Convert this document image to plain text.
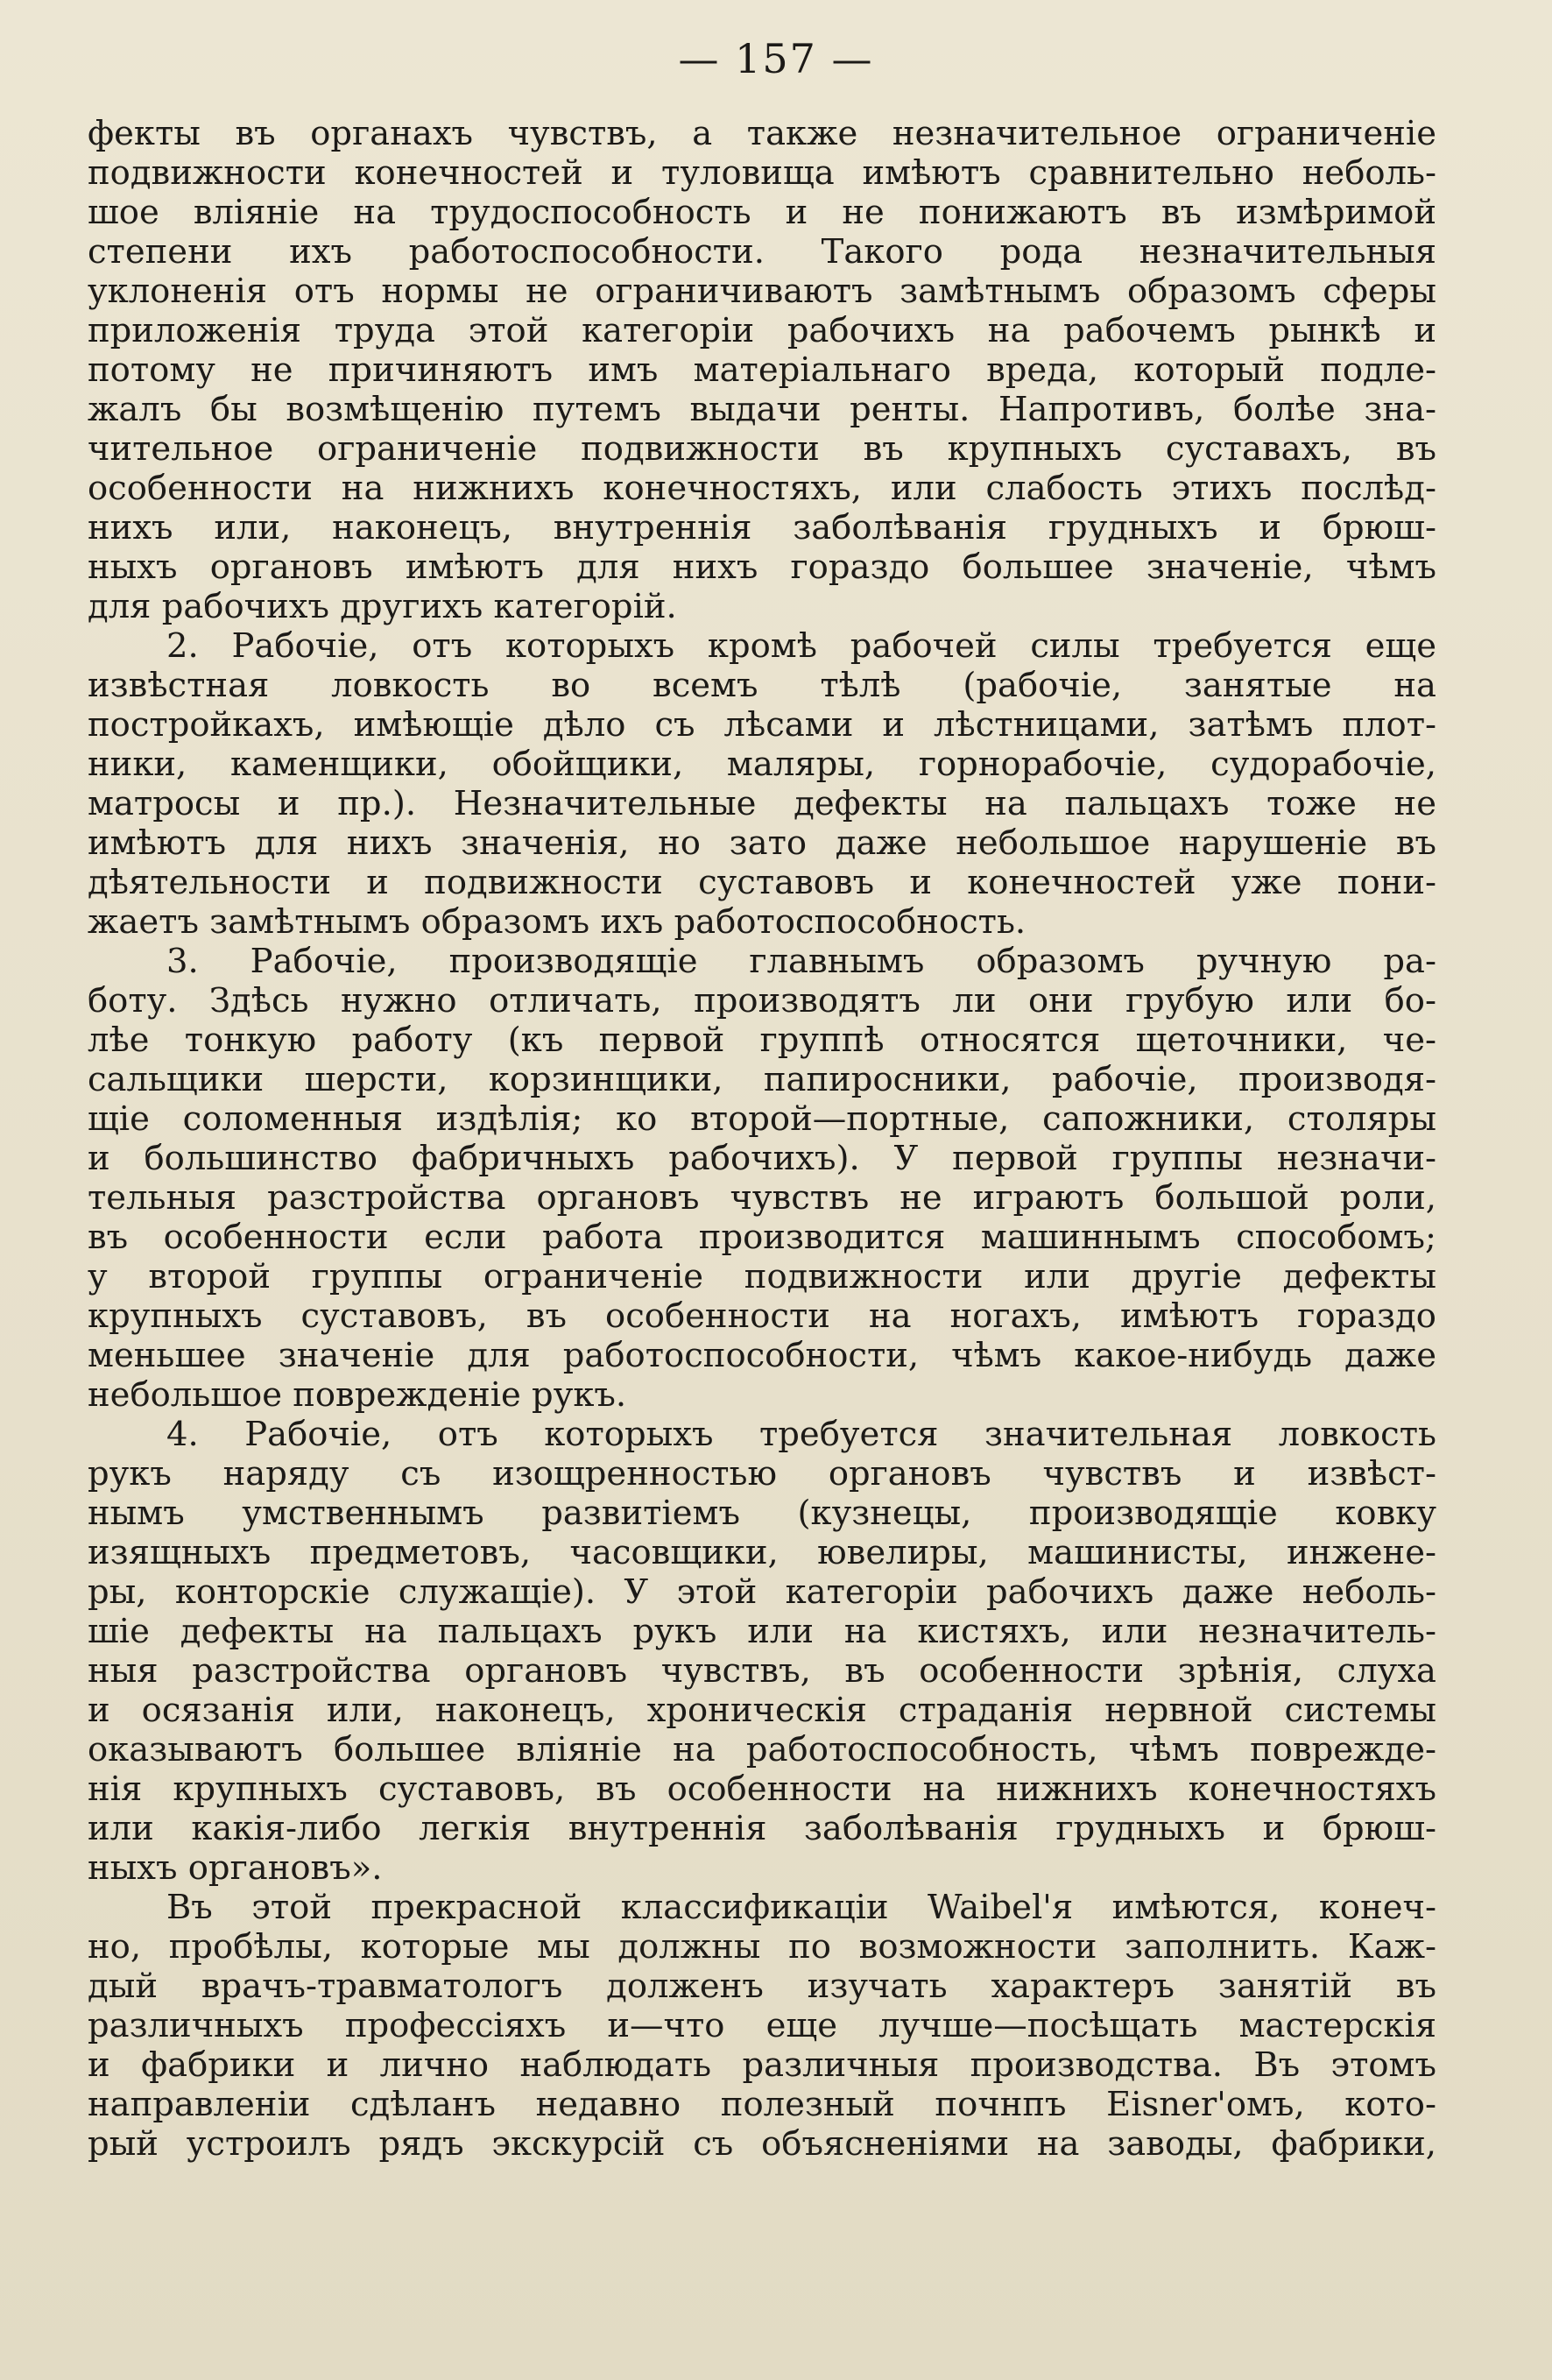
— 157 —
фекты въ органахъ чувствъ, а также незначительное ограниченіе
подвижности конечностей и туловища имѣютъ сравнительно неболь-
шое вліяніе на трудоспособность и не понижаютъ въ измѣримой
степени ихъ работоспособности. Такого рода незначительныя
уклоненія отъ нормы не ограничиваютъ замѣтнымъ образомъ сферы
приложенія труда этой категоріи рабочихъ на рабочемъ рынкѣ и
потому не причиняютъ имъ матеріальнаго вреда, который подле-
жалъ бы возмѣщенію путемъ выдачи ренты. Напротивъ, болѣе зна-
чительное ограниченіе подвижности въ крупныхъ суставахъ, въ
особенности на нижнихъ конечностяхъ, или слабость этихъ послѣд-
нихъ или, наконецъ, внутреннія заболѣванія грудныхъ и брюш-
ныхъ органовъ имѣютъ для нихъ гораздо большее значеніе, чѣмъ
для рабочихъ другихъ категорій.
2. Рабочіе, отъ которыхъ кромѣ рабочей силы требуется еще
извѣстная ловкость во всемъ тѣлѣ (рабочіе, занятые на
постройкахъ, имѣющіе дѣло съ лѣсами и лѣстницами, затѣмъ плот-
ники, каменщики, обойщики, маляры, горнорабочіе, судорабочіе,
матросы и пр.). Незначительные дефекты на пальцахъ тоже не
имѣютъ для нихъ значенія, но зато даже небольшое нарушеніе въ
дѣятельности и подвижности суставовъ и конечностей уже пони-
жаетъ замѣтнымъ образомъ ихъ работоспособность.
3. Рабочіе, производящіе главнымъ образомъ ручную ра-
боту. Здѣсь нужно отличать, производятъ ли они грубую или бо-
лѣе тонкую работу (къ первой группѣ относятся щеточники, че-
сальщики шерсти, корзинщики, папиросники, рабочіе, производя-
щіе соломенныя издѣлія; ко второй—портные, сапожники, столяры
и большинство фабричныхъ рабочихъ). У первой группы незначи-
тельныя разстройства органовъ чувствъ не играютъ большой роли,
въ особенности если работа производится машиннымъ способомъ;
у второй группы ограниченіе подвижности или другіе дефекты
крупныхъ суставовъ, въ особенности на ногахъ, имѣютъ гораздо
меньшее значеніе для работоспособности, чѣмъ какое-нибудь даже
небольшое поврежденіе рукъ.
4. Рабочіе, отъ которыхъ требуется значительная ловкость
рукъ наряду съ изощренностью органовъ чувствъ и извѣст-
нымъ умственнымъ развитіемъ (кузнецы, производящіе ковку
изящныхъ предметовъ, часовщики, ювелиры, машинисты, инжене-
ры, конторскіе служащіе). У этой категоріи рабочихъ даже неболь-
шіе дефекты на пальцахъ рукъ или на кистяхъ, или незначитель-
ныя разстройства органовъ чувствъ, въ особенности зрѣнія, слуха
и осязанія или, наконецъ, хроническія страданія нервной системы
оказываютъ большее вліяніе на работоспособность, чѣмъ поврежде-
нія крупныхъ суставовъ, въ особенности на нижнихъ конечностяхъ
или какія-либо легкія внутреннія заболѣванія грудныхъ и брюш-
ныхъ органовъ».
Въ этой прекрасной классификаціи Waibel'я имѣются, конеч-
но, пробѣлы, которые мы должны по возможности заполнить. Каж-
дый врачъ-травматологъ долженъ изучать характеръ занятій въ
различныхъ профессіяхъ и—что еще лучше—посѣщать мастерскія
и фабрики и лично наблюдать различныя производства. Въ этомъ
направленіи сдѣланъ недавно полезный почнпъ Eisner'омъ, кото-
рый устроилъ рядъ экскурсій съ объясненіями на заводы, фабрики,
